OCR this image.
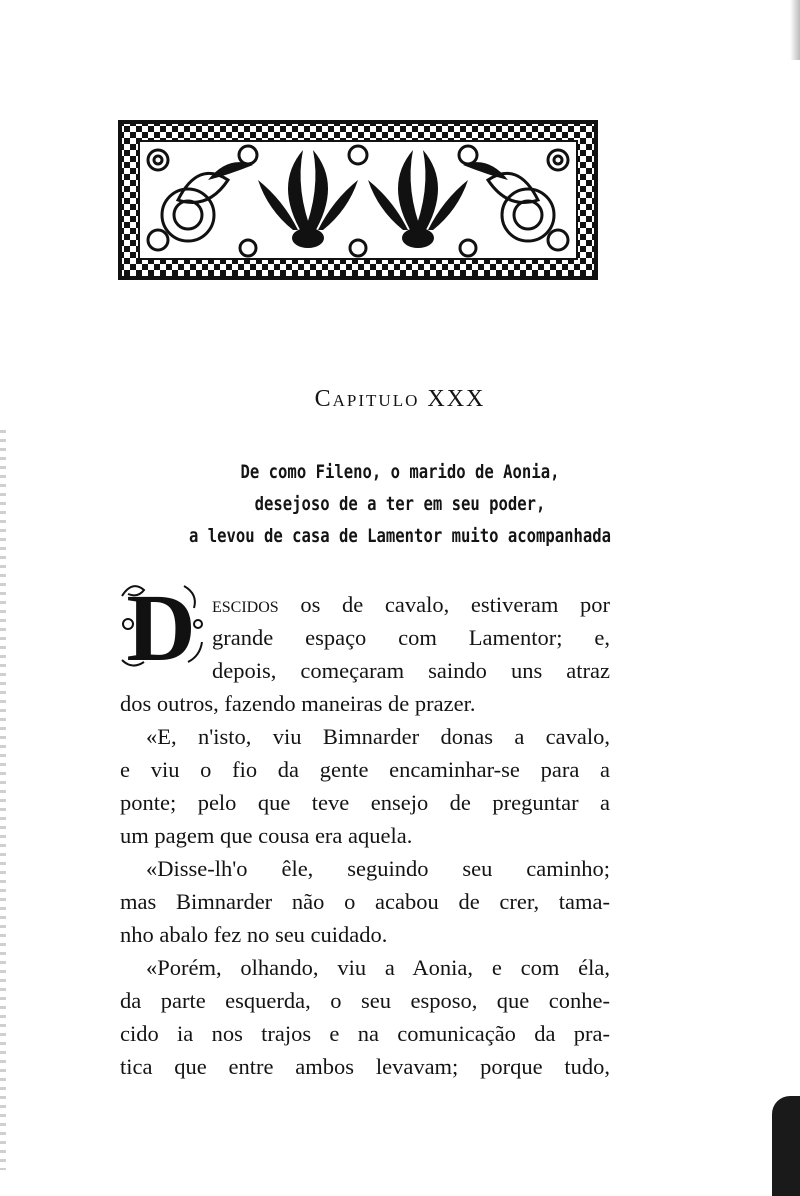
Capitulo XXX
De como Fileno, o marido de Aonia,
desejoso de a ter em seu poder,
a levou de casa de Lamentor muito acompanhada
D escidos os de cavalo, estiveram por
grande espaço com Lamentor; e,
depois, começaram saindo uns atraz
dos outros, fazendo maneiras de prazer.
«E, n'isto, viu Bimnarder donas a cavalo,
e viu o fio da gente encaminhar-se para a
ponte; pelo que teve ensejo de preguntar a
um pagem que cousa era aquela.
«Disse-lh'o êle, seguindo seu caminho;
mas Bimnarder não o acabou de crer, tama-
nho abalo fez no seu cuidado.
«Porém, olhando, viu a Aonia, e com éla,
da parte esquerda, o seu esposo, que conhe-
cido ia nos trajos e na comunicação da pra-
tica que entre ambos levavam; porque tudo,
